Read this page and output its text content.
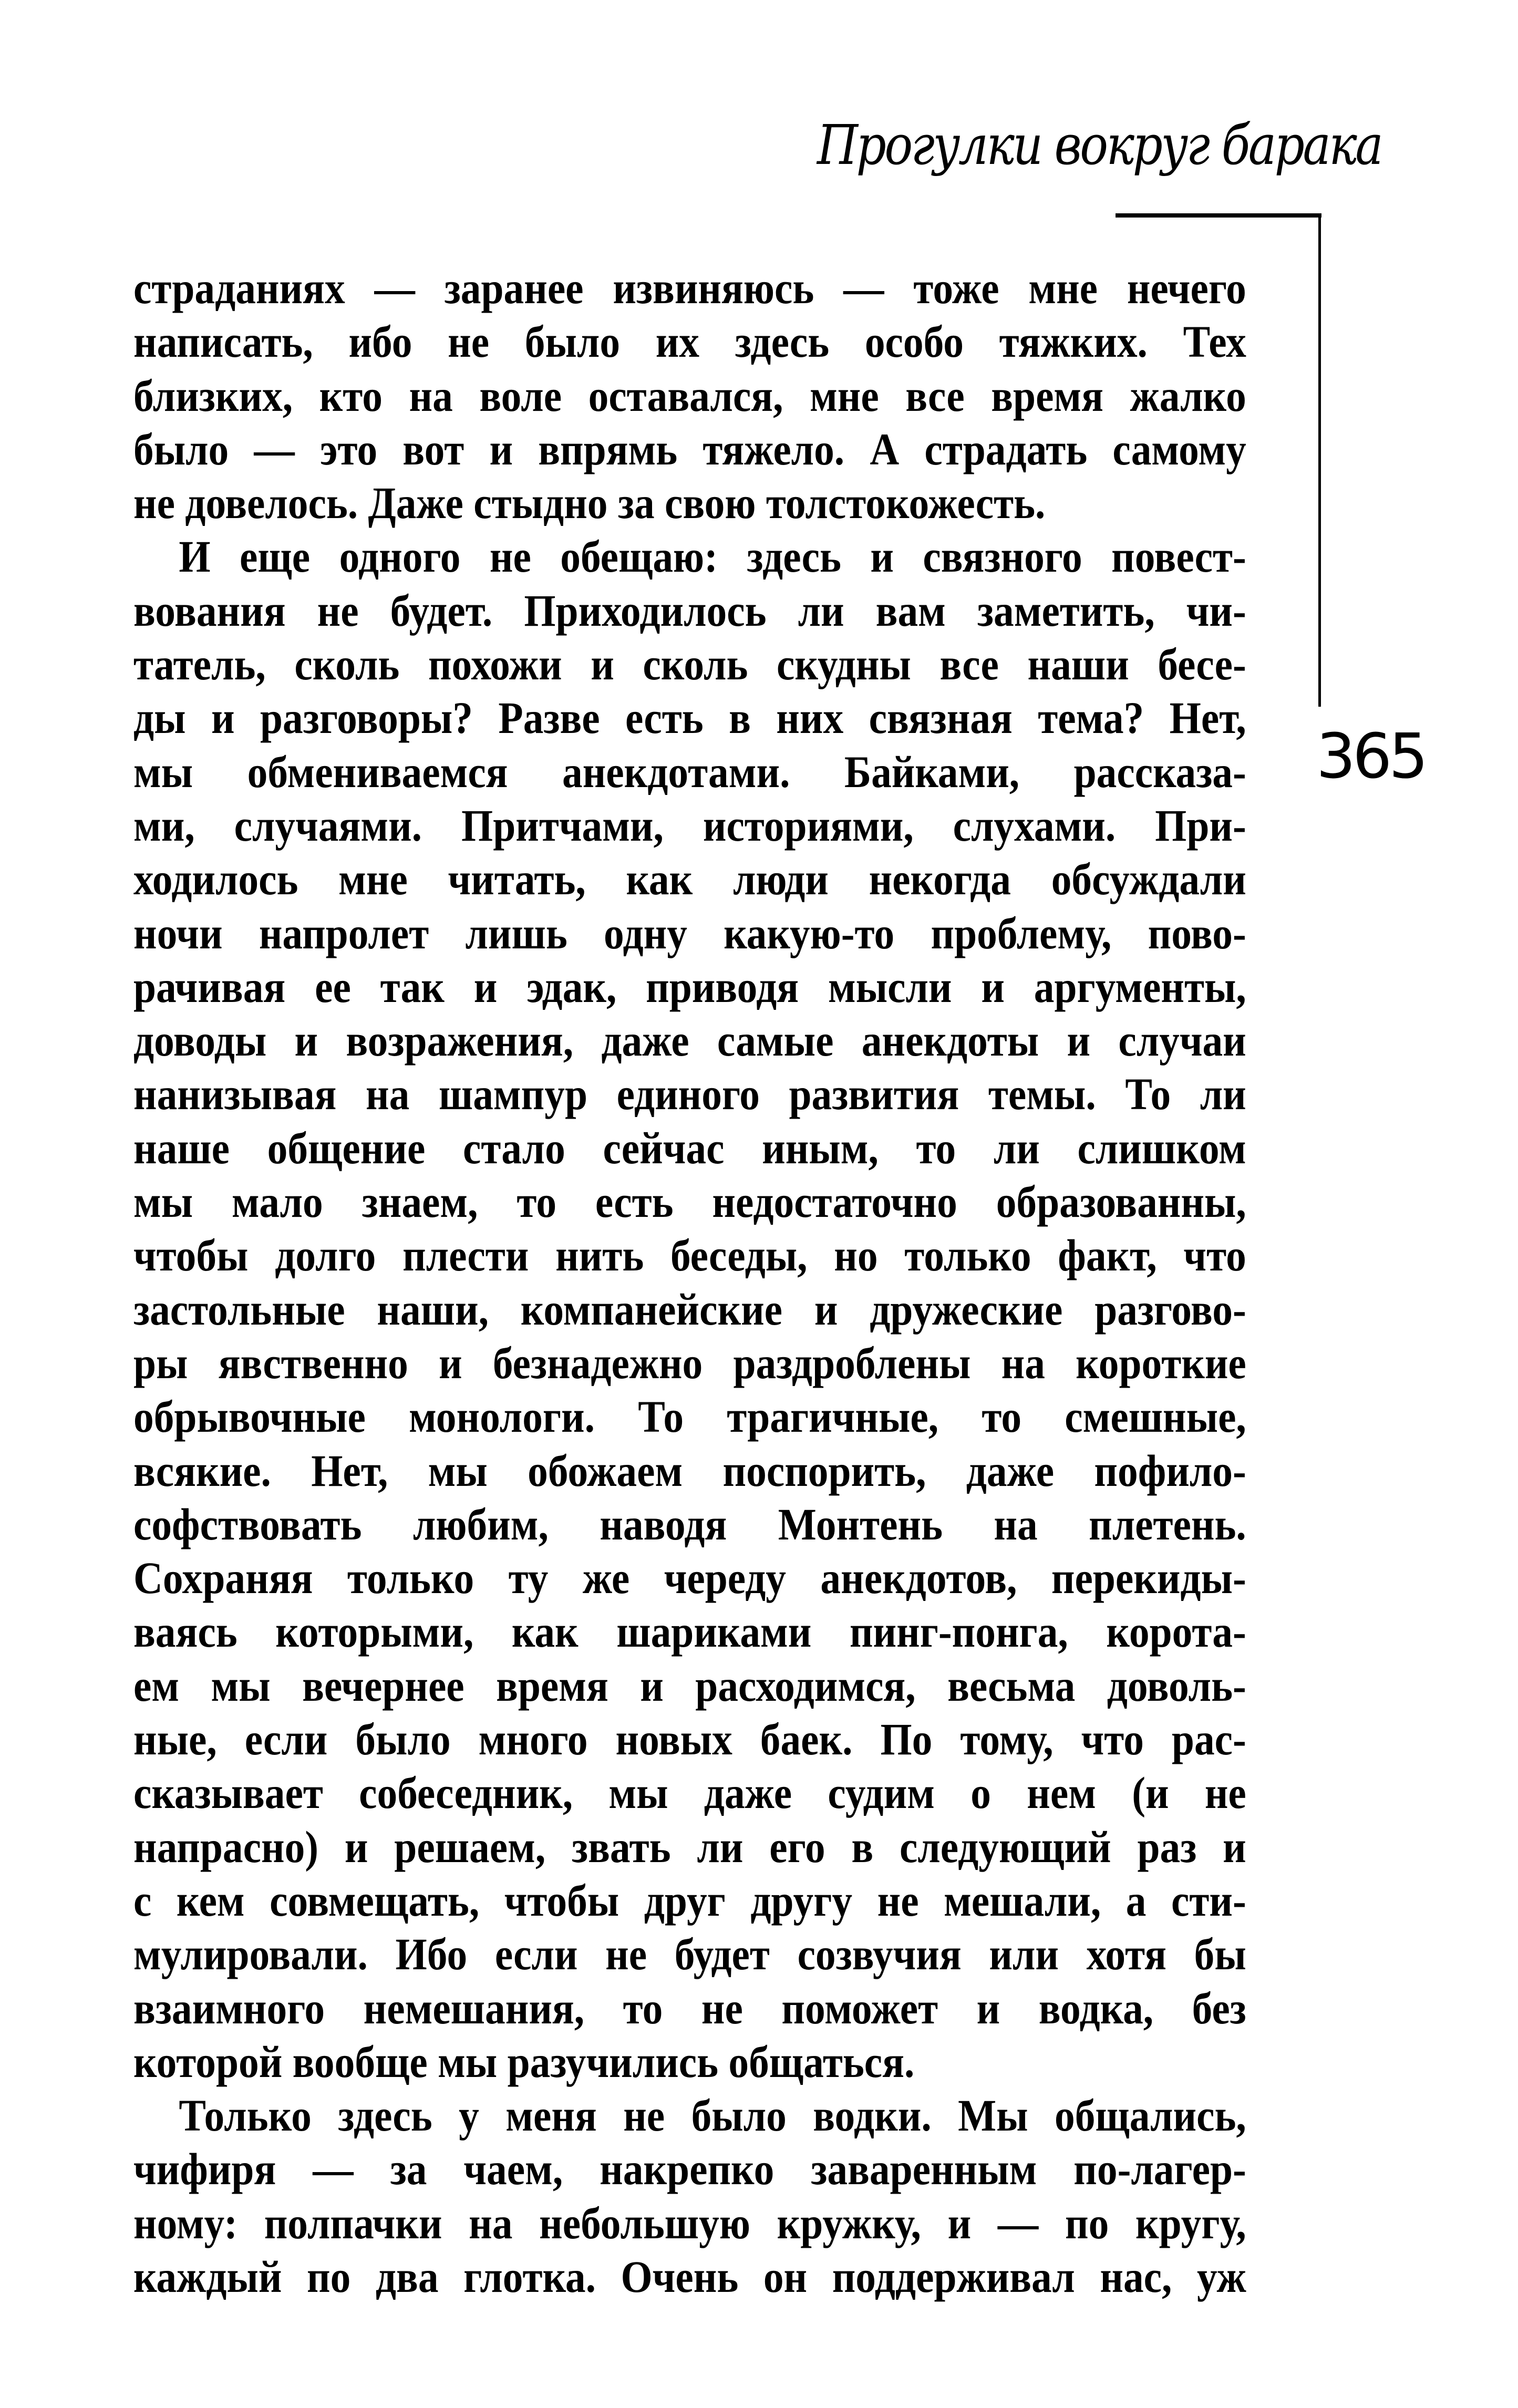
Прогулки вокруг барака
365
страданиях — заранее извиняюсь — тоже мне нечего
написать, ибо не было их здесь особо тяжких. Тех
близких, кто на воле оставался, мне все время жалко
было — это вот и впрямь тяжело. А страдать самому
не довелось. Даже стыдно за свою толстокожесть.
И еще одного не обещаю: здесь и связного повест-
вования не будет. Приходилось ли вам заметить, чи-
татель, сколь похожи и сколь скудны все наши бесе-
ды и разговоры? Разве есть в них связная тема? Нет,
мы обмениваемся анекдотами. Байками, рассказа-
ми, случаями. Притчами, историями, слухами. При-
ходилось мне читать, как люди некогда обсуждали
ночи напролет лишь одну какую-то проблему, пово-
рачивая ее так и эдак, приводя мысли и аргументы,
доводы и возражения, даже самые анекдоты и случаи
нанизывая на шампур единого развития темы. То ли
наше общение стало сейчас иным, то ли слишком
мы мало знаем, то есть недостаточно образованны,
чтобы долго плести нить беседы, но только факт, что
застольные наши, компанейские и дружеские разгово-
ры явственно и безнадежно раздроблены на короткие
обрывочные монологи. То трагичные, то смешные,
всякие. Нет, мы обожаем поспорить, даже пофило-
софствовать любим, наводя Монтень на плетень.
Сохраняя только ту же череду анекдотов, перекиды-
ваясь которыми, как шариками пинг-понга, корота-
ем мы вечернее время и расходимся, весьма доволь-
ные, если было много новых баек. По тому, что рас-
сказывает собеседник, мы даже судим о нем (и не
напрасно) и решаем, звать ли его в следующий раз и
с кем совмещать, чтобы друг другу не мешали, а сти-
мулировали. Ибо если не будет созвучия или хотя бы
взаимного немешания, то не поможет и водка, без
которой вообще мы разучились общаться.
Только здесь у меня не было водки. Мы общались,
чифиря — за чаем, накрепко заваренным по-лагер-
ному: полпачки на небольшую кружку, и — по кругу,
каждый по два глотка. Очень он поддерживал нас, уж
